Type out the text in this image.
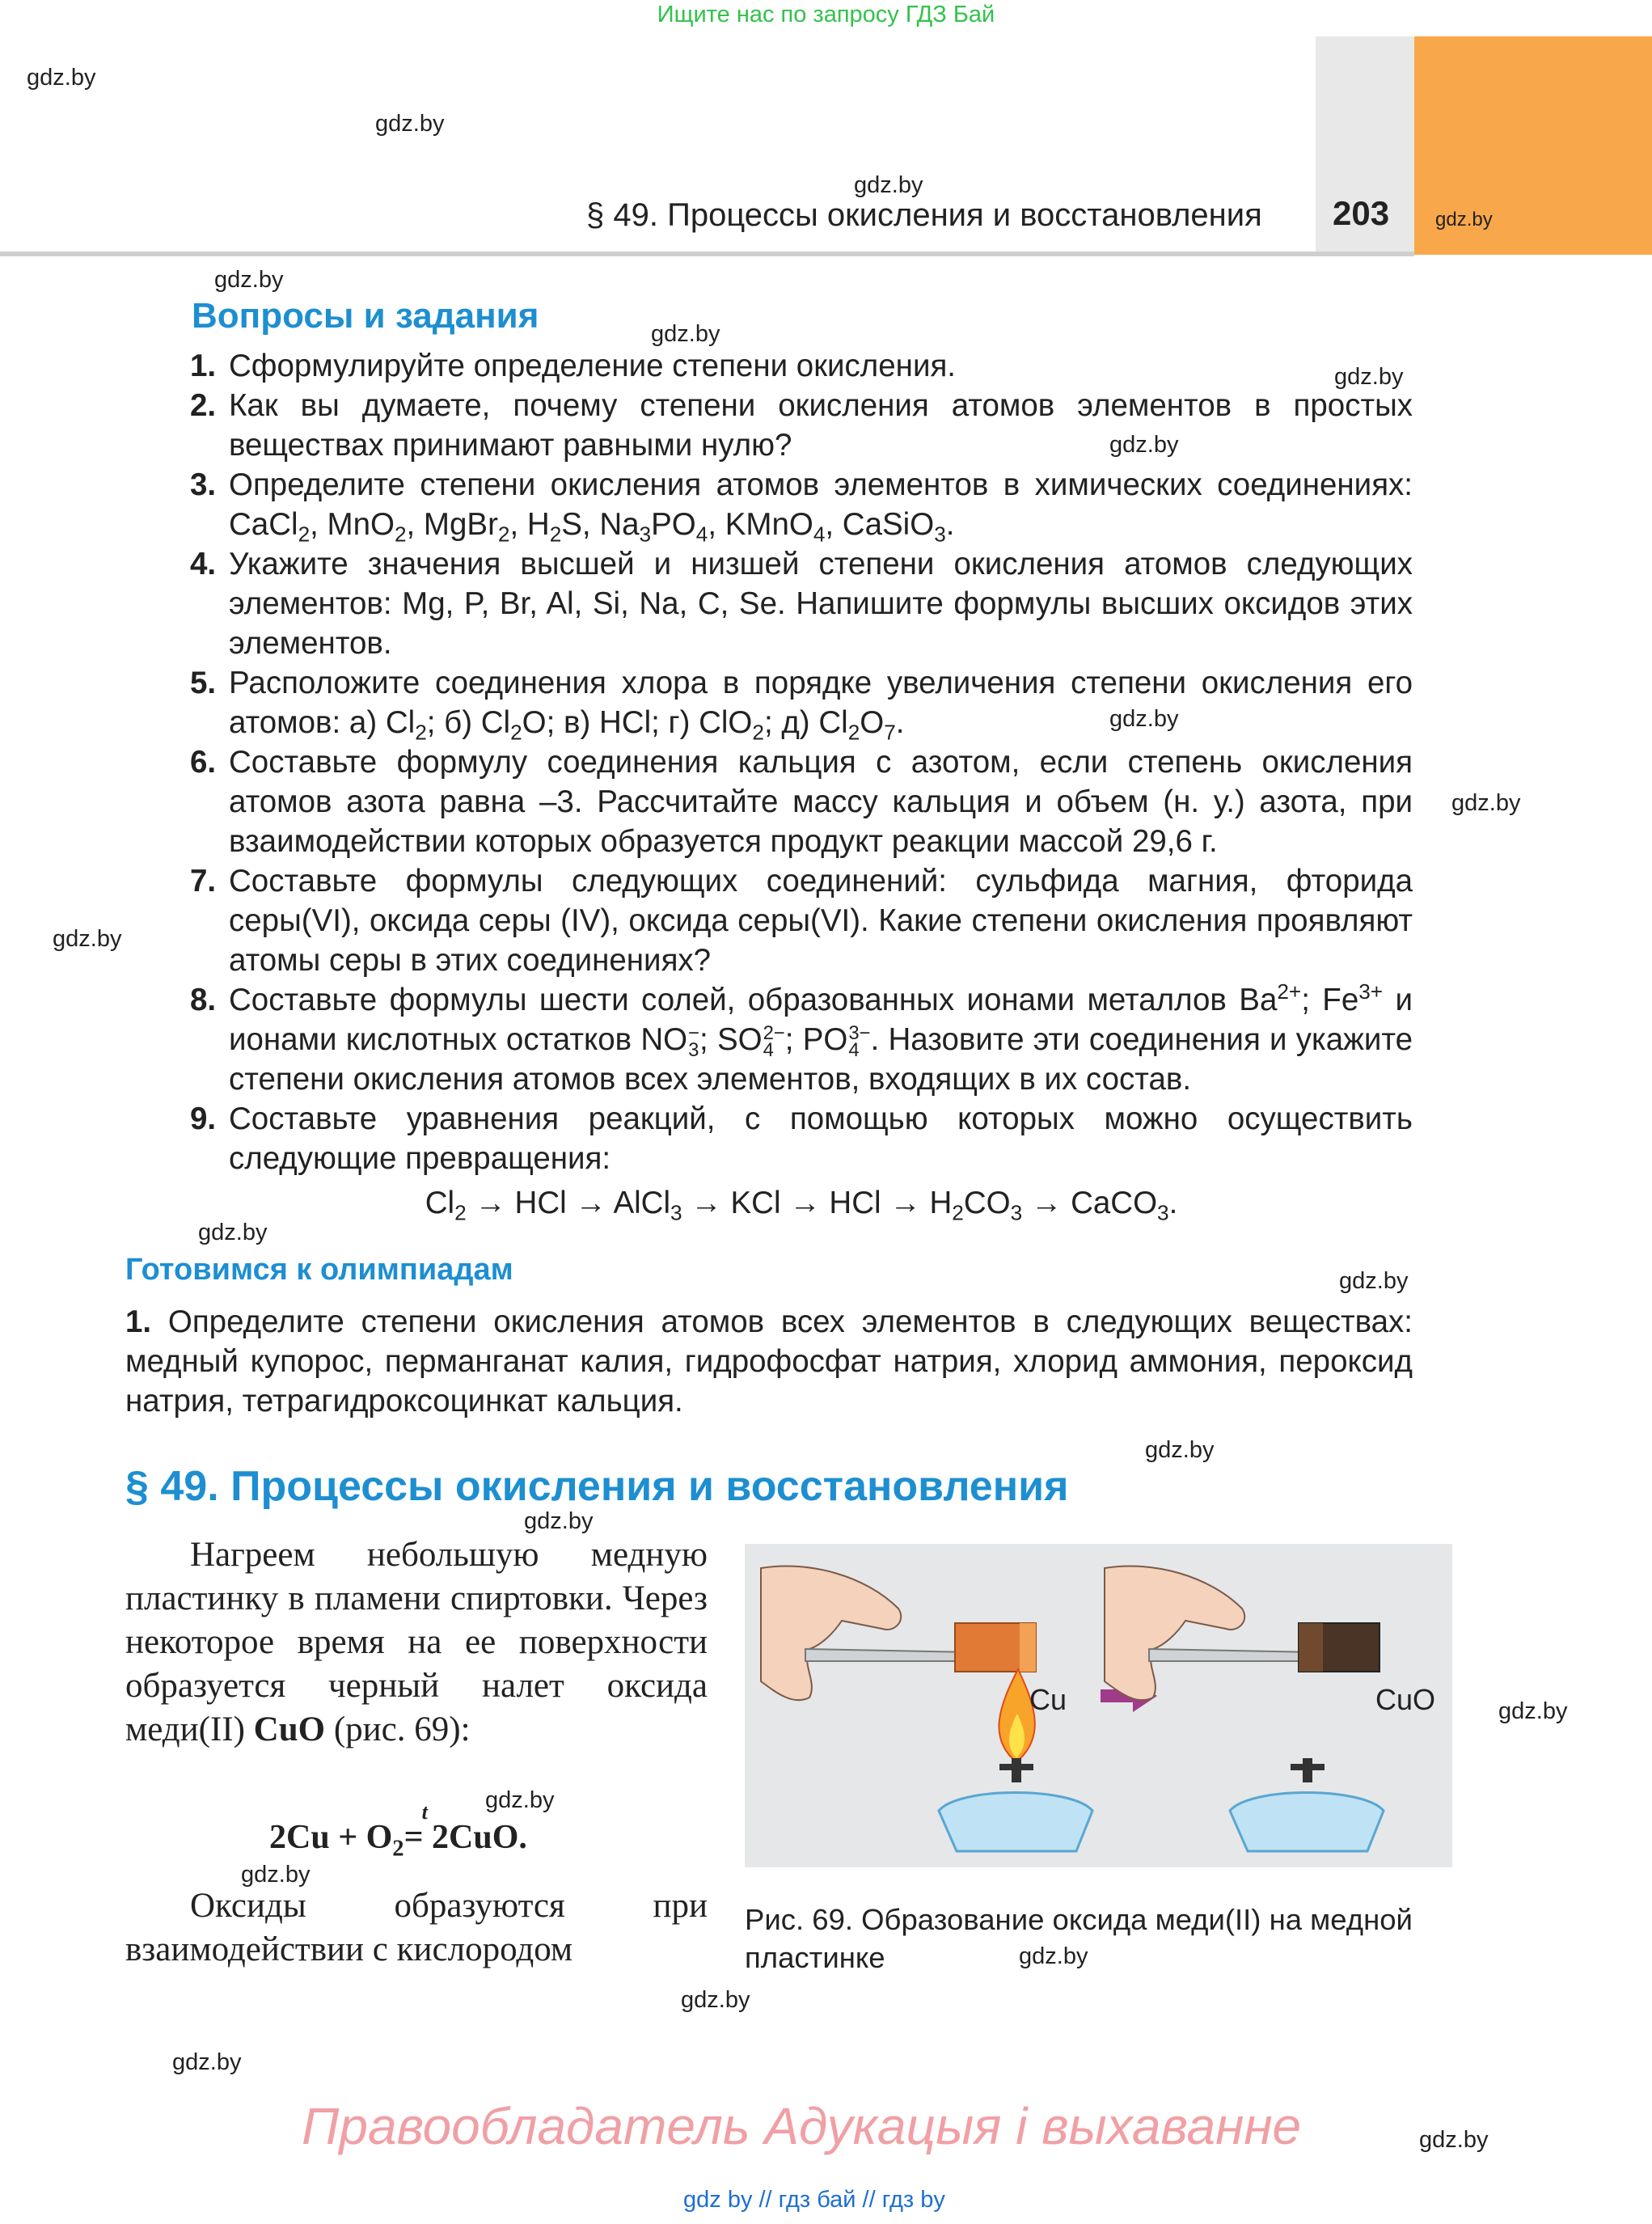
Ищите нас по запросу ГДЗ Бай
§ 49. Процессы окисления и восстановления 203
gdz.by
gdz.by
gdz.by
gdz.by
gdz.by
gdz.by
gdz.by
gdz.by
gdz.by
gdz.by
gdz.by
gdz.by
gdz.by
gdz.by
gdz.by
gdz.by
gdz.by
gdz.by
gdz.by
gdz.by
gdz.by
gdz.by
Вопросы и задания
1. Сформулируйте определение степени окисления.
2. Как вы думаете, почему степени окисления атомов элементов в простых веществах принимают равными нулю?
3. Определите степени окисления атомов элементов в химических соединениях: CaCl$_2$, MnO$_2$, MgBr$_2$, $H_2S$, $Na_3PO_4$, KMnO$_4$, CaSiO$_3$.
4. Укажите значения высшей и низшей степени окисления атомов следующих элементов: Mg, P, Br, Al, Si, Na, C, Se. Напишите формулы высших оксидов этих элементов.
5. Расположите соединения хлора в порядке увеличения степени окисления его атомов: а) $Cl_2$; б) $Cl_2O$; в) HCl; г) ClO$_2$; д) $Cl_2O_7$.
6. Составьте формулу соединения кальция с азотом, если степень окисления атомов азота равна –3. Рассчитайте массу кальция и объем (н. у.) азота, при взаимодействии которых образуется продукт реакции массой 29,6 г.
7. Составьте формулы следующих соединений: сульфида магния, фторида серы(VI), оксида серы (IV), оксида серы(VI). Какие степени окисления проявляют атомы серы в этих соединениях?
8. Составьте формулы шести солей, образованных ионами металлов $Ba^{2+}$; $Fe^{3+}$ и ионами кислотных остатков NO −
3 ; SO 2−
4 ; PO 3−
4 . Назовите эти соединения и укажите степени окисления атомов всех элементов, входящих в их состав.
9. Составьте уравнения реакций, с помощью которых можно осуществить следующие превращения:
$Cl_2$ → HCl → AlCl$_3$ → KCl → HCl → $H_2CO_3$ → CaCO$_3$.
Готовимся к олимпиадам
1. Определите степени окисления атомов всех элементов в следующих веществах: медный купорос, перманганат калия, гидрофосфат натрия, хлорид аммония, пероксид натрия, тетрагидроксоцинкат кальция.
§ 49. Процессы окисления и восстановления
Нагреем небольшую медную пластинку в пламени спиртовки. Через некоторое время на ее поверхности образуется черный налет оксида меди(II) CuO (рис. 69):
$2Cu + O_2$
t
= 2CuO.
Оксиды образуются при взаимодействии с кислородом
Cu	CuO
Рис. 69. Образование оксида меди(II) на медной пластинке
Правообладатель Адукацыя і выхаванне
gdz by // гдз бай // гдз by
